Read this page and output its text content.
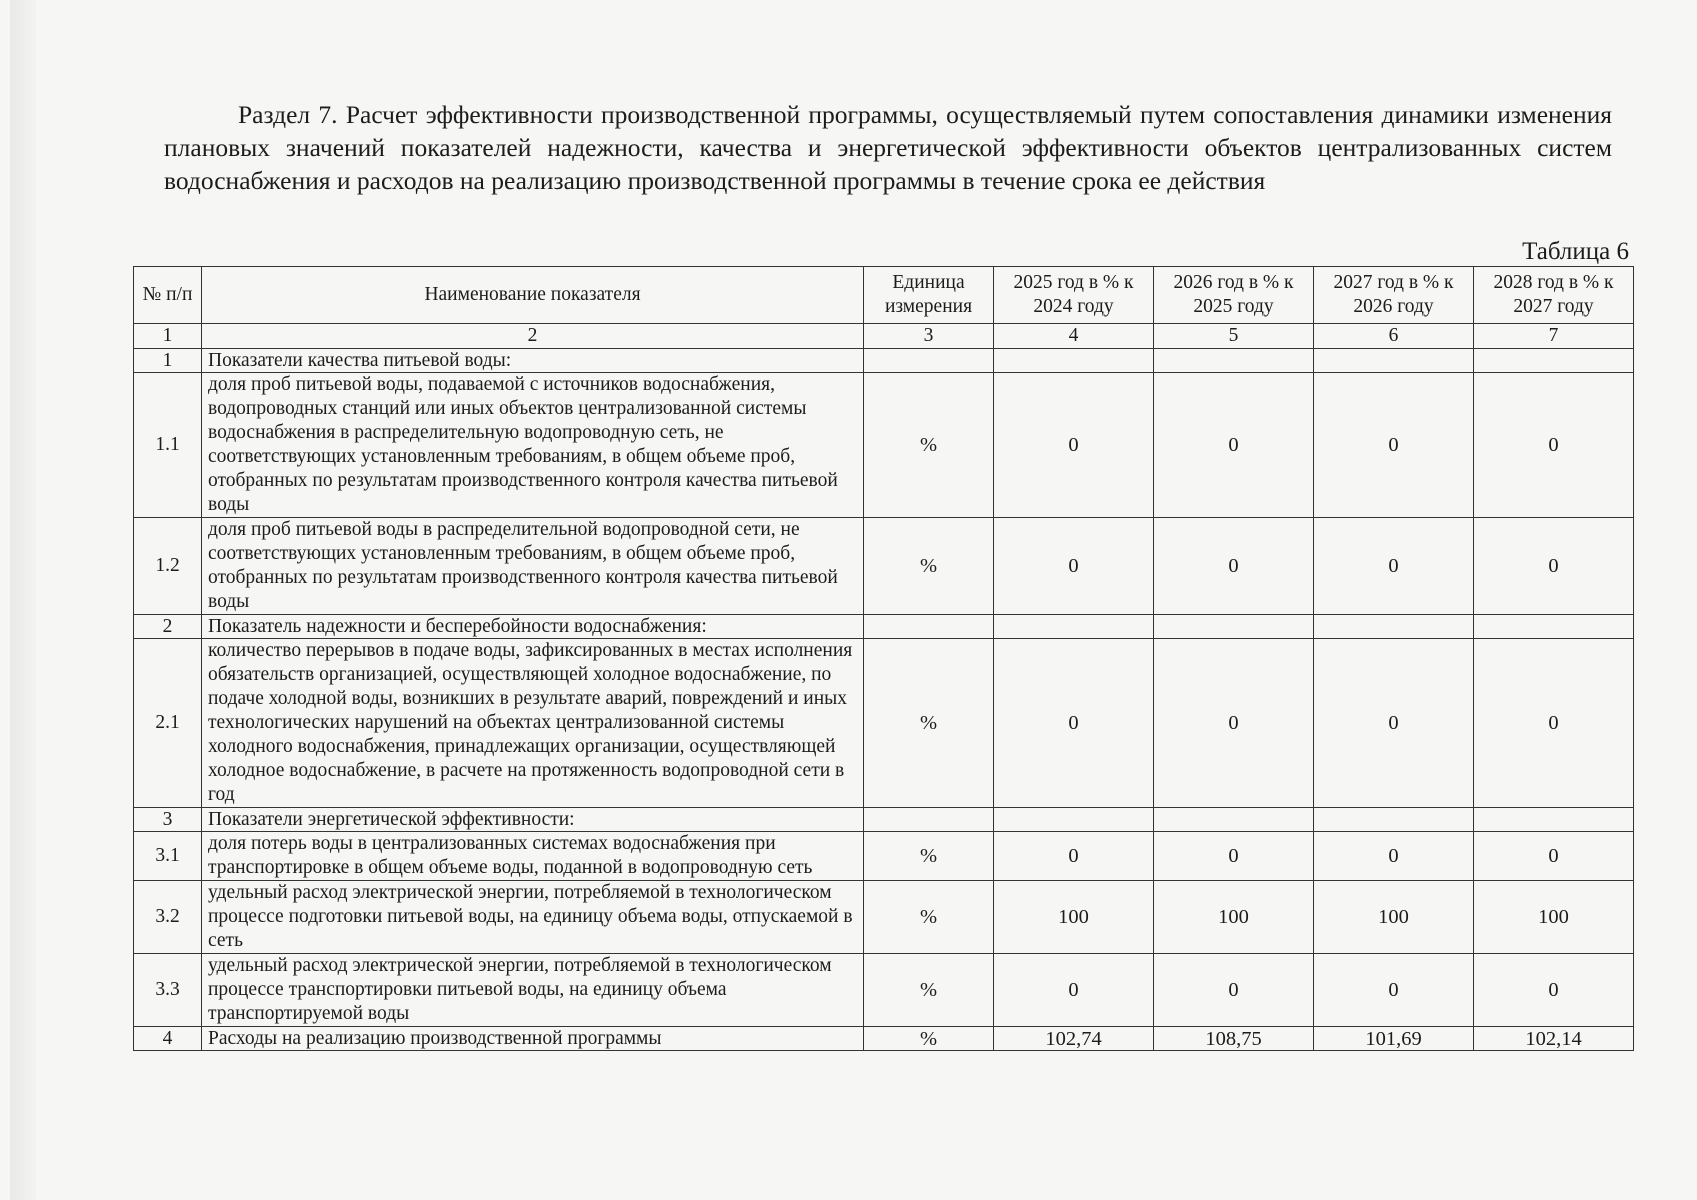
Раздел 7. Расчет эффективности производственной программы, осуществляемый путем сопоставления динамики изменения плановых значений показателей надежности, качества и энергетической эффективности объектов централизованных систем водоснабжения и расходов на реализацию производственной программы в течение срока ее действия

Таблица 6

№ п/п	Наименование показателя	Единица измерения	2025 год в % к 2024 году	2026 год в % к 2025 году	2027 год в % к 2026 году	2028 год в % к 2027 году
1	2	3	4	5	6	7
1	Показатели качества питьевой воды:					
1.1	доля проб питьевой воды, подаваемой с источников водоснабжения, водопроводных станций или иных объектов централизованной системы водоснабжения в распределительную водопроводную сеть, не соответствующих установленным требованиям, в общем объеме проб, отобранных по результатам производственного контроля качества питьевой воды	%	0	0	0	0
1.2	доля проб питьевой воды в распределительной водопроводной сети, не соответствующих установленным требованиям, в общем объеме проб, отобранных по результатам производственного контроля качества питьевой воды	%	0	0	0	0
2	Показатель надежности и бесперебойности водоснабжения:					
2.1	количество перерывов в подаче воды, зафиксированных в местах исполнения обязательств организацией, осуществляющей холодное водоснабжение, по подаче холодной воды, возникших в результате аварий, повреждений и иных технологических нарушений на объектах централизованной системы холодного водоснабжения, принадлежащих организации, осуществляющей холодное водоснабжение, в расчете на протяженность водопроводной сети в год	%	0	0	0	0
3	Показатели энергетической эффективности:					
3.1	доля потерь воды в централизованных системах водоснабжения при транспортировке в общем объеме воды, поданной в водопроводную сеть	%	0	0	0	0
3.2	удельный расход электрической энергии, потребляемой в технологическом процессе подготовки питьевой воды, на единицу объема воды, отпускаемой в сеть	%	100	100	100	100
3.3	удельный расход электрической энергии, потребляемой в технологическом процессе транспортировки питьевой воды, на единицу объема транспортируемой воды	%	0	0	0	0
4	Расходы на реализацию производственной программы	%	102,74	108,75	101,69	102,14
